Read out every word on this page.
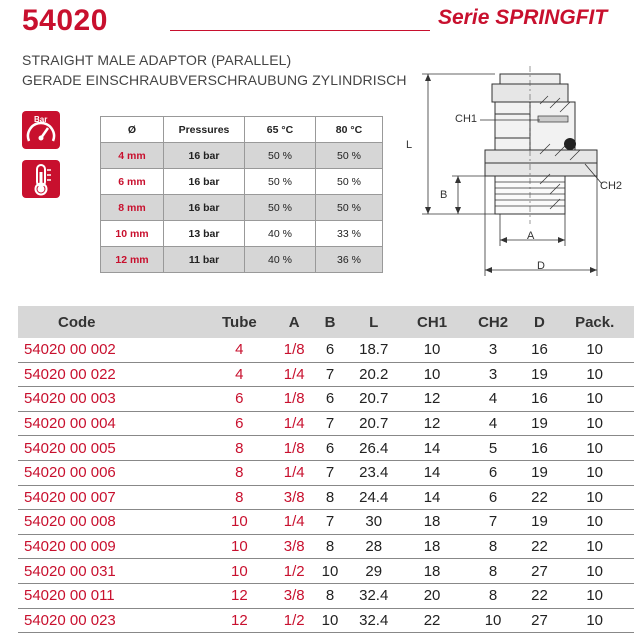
54020	Serie SPRINGFIT
STRAIGHT MALE ADAPTOR (PARALLEL)
GERADE EINSCHRAUBVERSCHRAUBUNG ZYLINDRISCH
Bar
Ø	Pressures	65 °C	80 °C
4 mm	16 bar	50 %	50 %
6 mm	16 bar	50 %	50 %
8 mm	16 bar	50 %	50 %
10 mm	13 bar	40 %	33 %
12 mm	11 bar	40 %	36 %
L
B
CH1
CH2
A
D
Code	Tube	A	B	L	CH1	CH2	D	Pack.
54020 00 002	4	1/8	6	18.7	10	3	16	10
54020 00 022	4	1/4	7	20.2	10	3	19	10
54020 00 003	6	1/8	6	20.7	12	4	16	10
54020 00 004	6	1/4	7	20.7	12	4	19	10
54020 00 005	8	1/8	6	26.4	14	5	16	10
54020 00 006	8	1/4	7	23.4	14	6	19	10
54020 00 007	8	3/8	8	24.4	14	6	22	10
54020 00 008	10	1/4	7	30	18	7	19	10
54020 00 009	10	3/8	8	28	18	8	22	10
54020 00 031	10	1/2	10	29	18	8	27	10
54020 00 011	12	3/8	8	32.4	20	8	22	10
54020 00 023	12	1/2	10	32.4	22	10	27	10
